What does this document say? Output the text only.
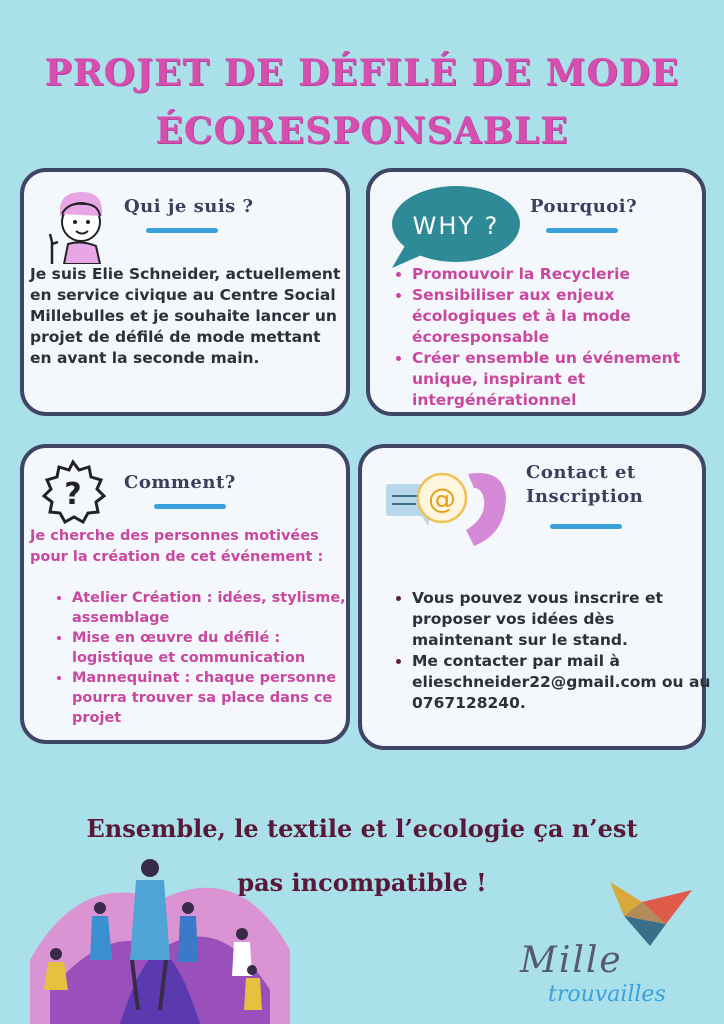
PROJET DE DÉFILÉ DE MODE
ÉCORESPONSABLE
Qui je suis ?
Je suis Elie Schneider, actuellement en service civique au Centre Social Millebulles et je souhaite lancer un projet de défilé de mode mettant en avant la seconde main.
WHY ?
Pourquoi?
• Promouvoir la Recyclerie
• Sensibiliser aux enjeux écologiques et à la mode écoresponsable
• Créer ensemble un événement unique, inspirant et intergénérationnel
? Comment?
Je cherche des personnes motivées pour la création de cet événement :
• Atelier Création : idées, stylisme, assemblage
• Mise en œuvre du défilé : logistique et communication
• Mannequinat : chaque personne pourra trouver sa place dans ce projet
@
Contact et
Inscription
• Vous pouvez vous inscrire et proposer vos idées dès maintenant sur le stand.
• Me contacter par mail à elieschneider22@gmail.com ou au 0767128240.
Ensemble, le textile et l’ecologie ça n’est
pas incompatible !
Mille
trouvailles
